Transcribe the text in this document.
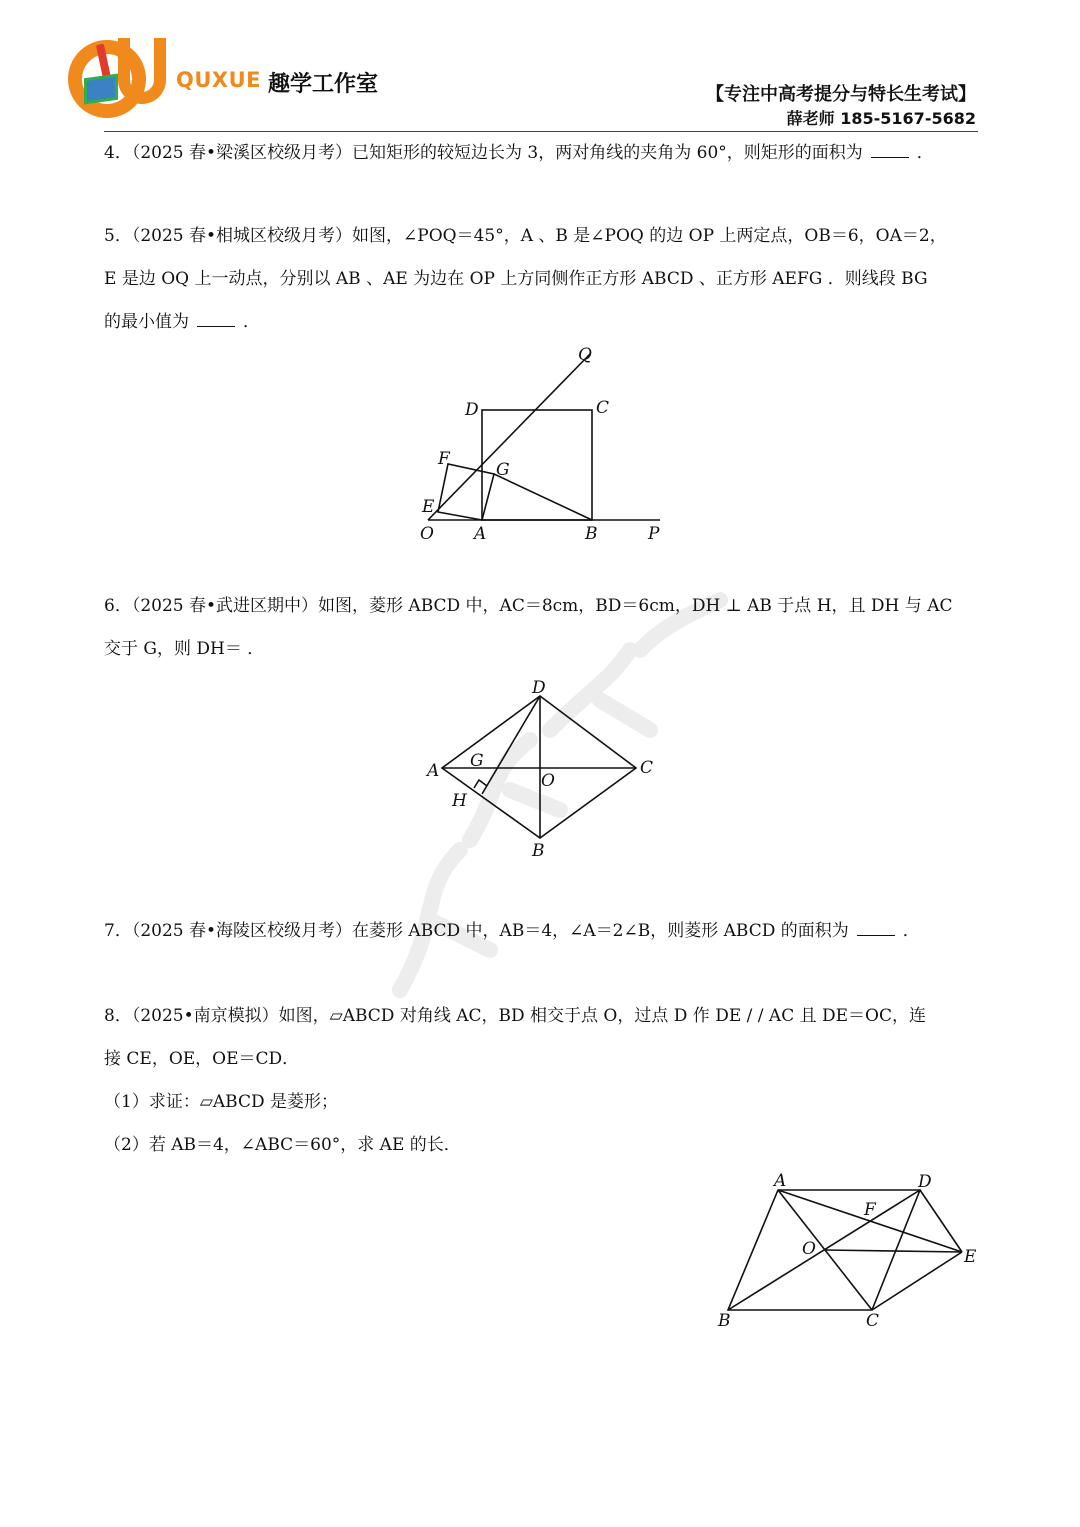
QUXUE 趣学工作室	【专注中高考提分与特长生考试】
薛老师 185-5167-5682
4．（2025 春•梁溪区校级月考）已知矩形的较短边长为 3，两对角线的夹角为 60°，则矩形的面积为	．
5．（2025 春•相城区校级月考）如图，∠POQ＝45°，A 、B 是∠POQ 的边 OP 上两定点，OB＝6，OA＝2，
E 是边 OQ 上一动点，分别以 AB 、AE 为边在 OP 上方同侧作正方形 ABCD 、正方形 AEFG ．则线段 BG
的最小值为	．
Q
D	C
F
G
E
O A	B	P
6．（2025 春•武进区期中）如图，菱形 ABCD 中，AC＝8cm，BD＝6cm，DH ⊥ AB 于点 H，且 DH 与 AC
交于 G，则 DH＝ ．
D
A G
O
C
H
B
7．（2025 春•海陵区校级月考）在菱形 ABCD 中，AB＝4，∠A＝2∠B，则菱形 ABCD 的面积为	．
8．（2025•南京模拟）如图，▱ABCD 对角线 AC，BD 相交于点 O，过点 D 作 DE / / AC 且 DE＝OC，连
接 CE，OE，OE＝CD．
（1）求证：▱ABCD 是菱形；
（2）若 AB＝4，∠ABC＝60°，求 AE 的长．
A	D
F
O	E
B	C
